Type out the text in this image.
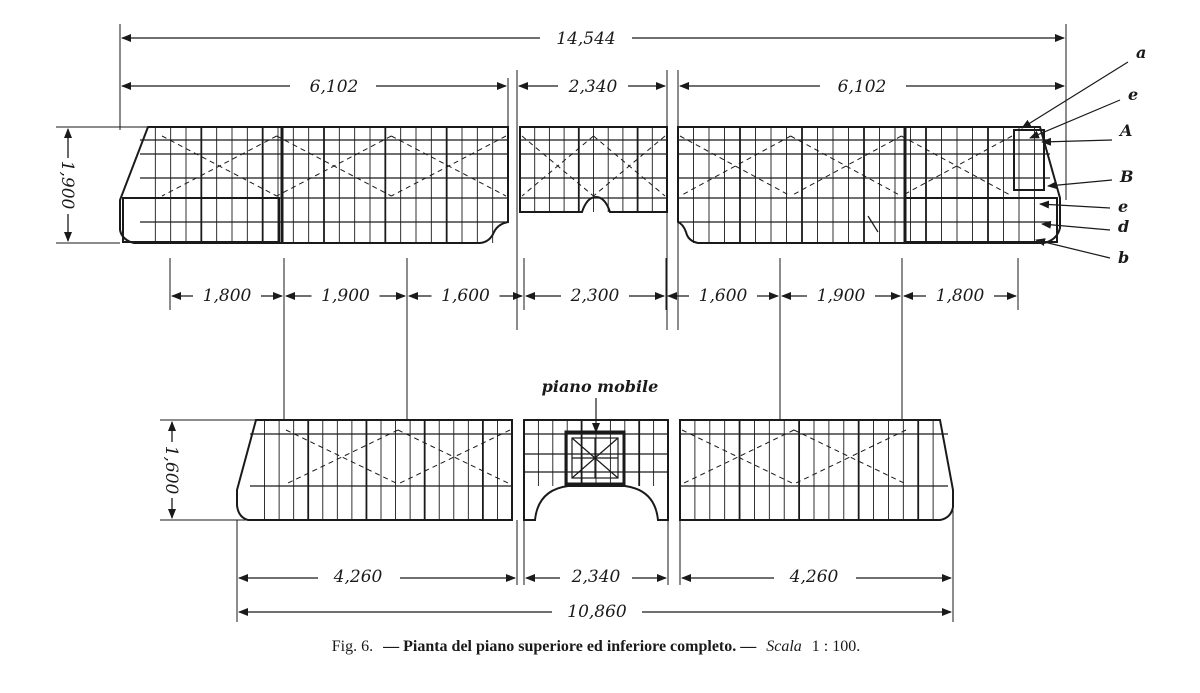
14,544
6,102	2,340	6,102
1,900
1,800	1,900	1,600	2,300	1,600	1,900	1,800
a
e
A
B
e
d
b
piano mobile
4,260	2,340	4,260
10,860
1,600
Fig. 6. — Pianta del piano superiore ed inferiore completo. — Scala 1 : 100.
